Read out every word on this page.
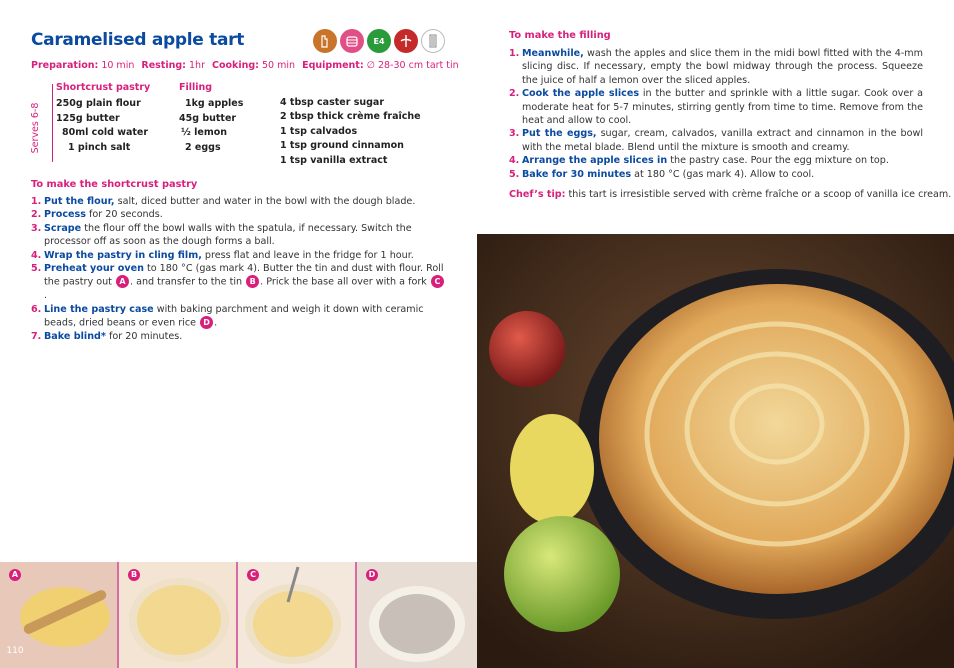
Caramelised apple tart	E4
Preparation: 10 min Resting: 1hr Cooking: 50 min Equipment: ∅ 28-30 cm tart tin
Serves 6-8
Shortcrust pastry
250g plain flour
125g butter
80ml cold water
1 pinch salt
Filling
1kg apples
45g butter
½ lemon
2 eggs
4 tbsp caster sugar
2 tbsp thick crème fraîche
1 tsp calvados
1 tsp ground cinnamon
1 tsp vanilla extract
To make the shortcrust pastry
1. Put the flour, salt, diced butter and water in the bowl with the dough blade.
2. Process for 20 seconds.
3. Scrape the flour off the bowl walls with the spatula, if necessary. Switch the processor off as soon as the dough forms a ball.
4. Wrap the pastry in cling film, press flat and leave in the fridge for 1 hour.
5. Preheat your oven to 180 °C (gas mark 4). Butter the tin and dust with flour. Roll the pastry out A . and transfer to the tin B . Prick the base all over with a fork C.
6. Line the pastry case with baking parchment and weigh it down with ceramic beads, dried beans or even rice D .
7. Bake blind* for 20 minutes.
To make the filling
1. Meanwhile, wash the apples and slice them in the midi bowl fitted with the 4-mm slicing disc. If necessary, empty the bowl midway through the process. Squeeze the juice of half a lemon over the sliced apples.
2. Cook the apple slices in the butter and sprinkle with a little sugar. Cook over a moderate heat for 5-7 minutes, stirring gently from time to time. Remove from the heat and allow to cool.
3. Put the eggs, sugar, cream, calvados, vanilla extract and cinnamon in the bowl with the metal blade. Blend until the mixture is smooth and creamy.
4. Arrange the apple slices in the pastry case. Pour the egg mixture on top.
5. Bake for 30 minutes at 180 °C (gas mark 4). Allow to cool.
Chef’s tip: this tart is irresistible served with crème fraîche or a scoop of vanilla ice cream.
A	B	C	D
110
